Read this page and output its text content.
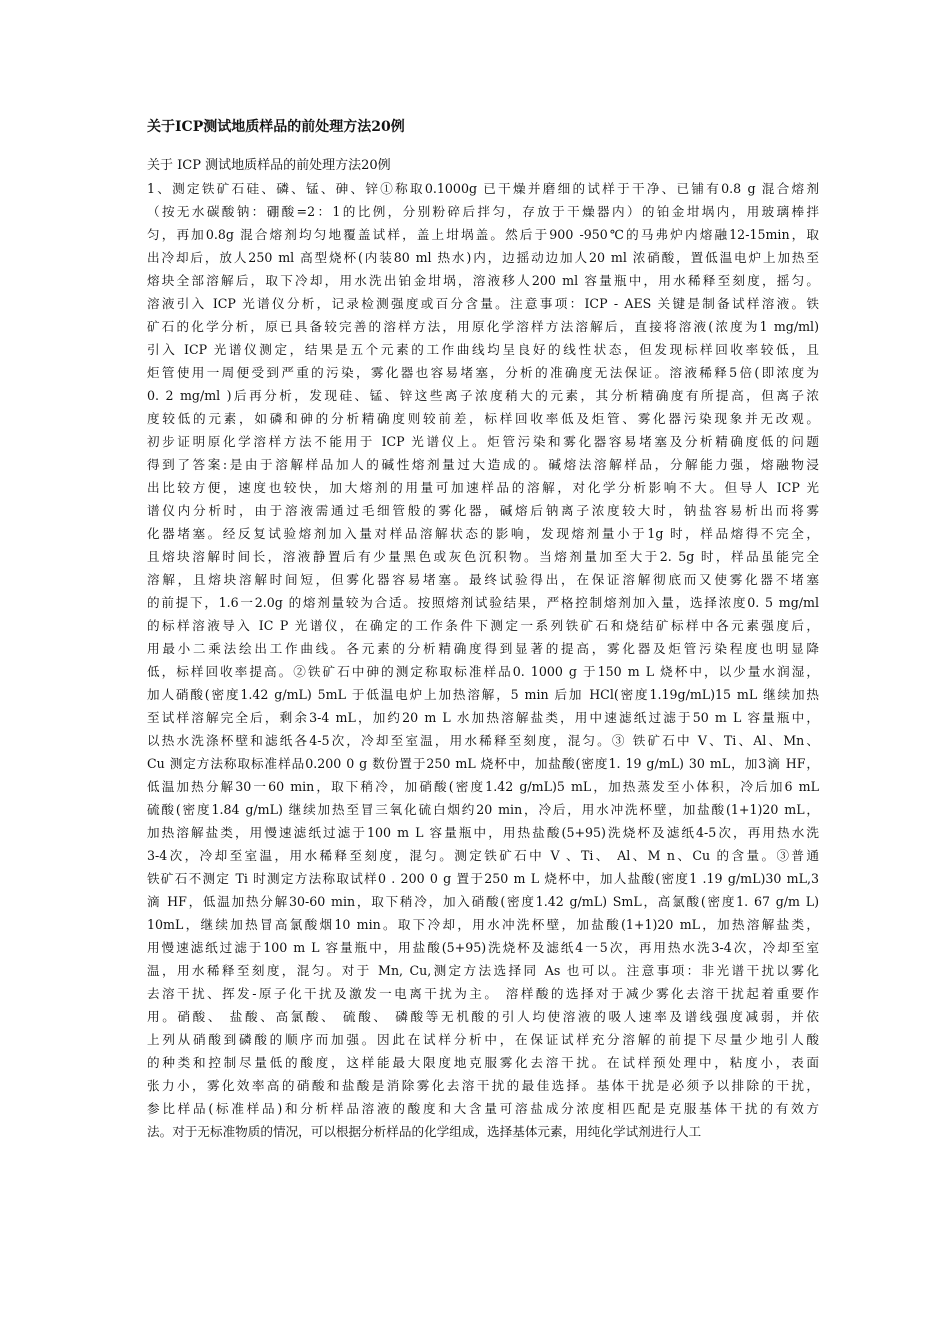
关于ICP测试地质样品的前处理方法20例

关于 ICP 测试地质样品的前处理方法20例

1、测定铁矿石硅、磷、锰、砷、锌①称取0.1000g 已干燥并磨细的试样于干净、已铺有0.8 g 混合熔剂
（按无水碳酸钠：硼酸=2：1的比例，分别粉碎后拌匀，存放于干燥器内）的铂金坩埚内，用玻璃棒拌
匀，再加0.8g 混合熔剂均匀地覆盖试样，盖上坩埚盖。然后于900 -950℃的马弗炉内熔融12-15min，取
出冷却后，放人250 ml 高型烧杯(内装80 ml 热水)内，边摇动边加人20 ml 浓硝酸，置低温电炉上加热至
熔块全部溶解后，取下冷却，用水洗出铂金坩埚，溶液移人200 ml 容量瓶中，用水稀释至刻度，摇匀。
溶液引入 ICP 光谱仪分析，记录检测强度或百分含量。注意事项：ICP - AES 关键是制备试样溶液。铁
矿石的化学分析，原已具备较完善的溶样方法，用原化学溶样方法溶解后，直接将溶液(浓度为1 mg/ml)
引入 ICP 光谱仪测定，结果是五个元素的工作曲线均呈良好的线性状态，但发现标样回收率较低，且
炬管使用一周便受到严重的污染，雾化器也容易堵塞，分析的准确度无法保证。溶液稀释5倍(即浓度为
0. 2 mg/ml )后再分析，发现硅、锰、锌这些离子浓度稍大的元素，其分析精确度有所提高，但离子浓
度较低的元素，如磷和砷的分析精确度则较前差，标样回收率低及炬管、雾化器污染现象并无改观。
初步证明原化学溶样方法不能用于 ICP 光谱仪上。炬管污染和雾化器容易堵塞及分析精确度低的问题
得到了答案:是由于溶解样品加人的碱性熔剂量过大造成的。碱熔法溶解样品，分解能力强，熔融物浸
出比较方便，速度也较快，加大熔剂的用量可加速样品的溶解，对化学分析影响不大。但导人 ICP 光
谱仪内分析时，由于溶液需通过毛细管般的雾化器，碱熔后钠离子浓度较大时，钠盐容易析出而将雾
化器堵塞。经反复试验熔剂加入量对样品溶解状态的影响，发现熔剂量小于1g 时，样品熔得不完全，
且熔块溶解时间长，溶液静置后有少量黑色或灰色沉积物。当熔剂量加至大于2. 5g 时，样品虽能完全
溶解，且熔块溶解时间短，但雾化器容易堵塞。最终试验得出，在保证溶解彻底而又使雾化器不堵塞
的前提下，1.6一2.0g 的熔剂量较为合适。按照熔剂试验结果，严格控制熔剂加入量，选择浓度0. 5 mg/ml
的标样溶液导入 IC P 光谱仪，在确定的工作条件下测定一系列铁矿石和烧结矿标样中各元素强度后，
用最小二乘法绘出工作曲线。各元素的分析精确度得到显著的提高，雾化器及炬管污染程度也明显降
低，标样回收率提高。②铁矿石中砷的测定称取标准样品0. 1000 g 于150 m L 烧杯中，以少量水润湿，
加人硝酸(密度1.42 g/mL) 5mL 于低温电炉上加热溶解，5 min 后加 HCl(密度1.19g/mL)15 mL 继续加热
至试样溶解完全后，剩余3-4 mL，加约20 m L 水加热溶解盐类，用中速滤纸过滤于50 m L 容量瓶中，
以热水洗涤杯壁和滤纸各4-5次，冷却至室温，用水稀释至刻度，混匀。③ 铁矿石中 V、Ti、Al、Mn、
Cu 测定方法称取标准样品0.200 0 g 数份置于250 mL 烧杯中，加盐酸(密度1. 19 g/mL) 30 mL，加3滴 HF，
低温加热分解30一60 min，取下稍冷，加硝酸(密度1.42 g/mL)5 mL，加热蒸发至小体积，冷后加6 mL
硫酸(密度1.84 g/mL) 继续加热至冒三氧化硫白烟约20 min，冷后，用水冲洗杯壁，加盐酸(1+1)20 mL，
加热溶解盐类，用慢速滤纸过滤于100 m L 容量瓶中，用热盐酸(5+95)洗烧杯及滤纸4-5次，再用热水洗
3-4次，冷却至室温，用水稀释至刻度，混匀。测定铁矿石中 V 、Ti、 Al、M n、Cu 的含量。③普通
铁矿石不测定 Ti 时测定方法称取试样0 . 200 0 g 置于250 m L 烧杯中，加人盐酸(密度1 .19 g/mL)30 mL,3
滴 HF，低温加热分解30-60 min，取下稍冷，加入硝酸(密度1.42 g/mL) SmL，高氯酸(密度1. 67 g/m L)
10mL，继续加热冒高氯酸烟10 min。取下冷却，用水冲洗杯壁，加盐酸(1+1)20 mL，加热溶解盐类，
用慢速滤纸过滤于100 m L 容量瓶中，用盐酸(5+95)洗烧杯及滤纸4一5次，再用热水洗3-4次，冷却至室
温，用水稀释至刻度，混匀。对于 Mn, Cu,测定方法选择同 As 也可以。注意事项：非光谱干扰以雾化
去溶干扰、挥发-原子化干扰及激发一电离干扰为主。 溶样酸的选择对于减少雾化去溶干扰起着重要作
用。硝酸、 盐酸、高氯酸、 硫酸、 磷酸等无机酸的引人均使溶液的吸人速率及谱线强度减弱，并依
上列从硝酸到磷酸的顺序而加强。因此在试样分析中，在保证试样充分溶解的前提下尽量少地引人酸
的种类和控制尽量低的酸度，这样能最大限度地克服雾化去溶干扰。在试样预处理中，粘度小，表面
张力小，雾化效率高的硝酸和盐酸是消除雾化去溶干扰的最佳选择。基体干扰是必须予以排除的干扰，
参比样品(标准样品)和分析样品溶液的酸度和大含量可溶盐成分浓度相匹配是克服基体干扰的有效方
法。对于无标准物质的情况，可以根据分析样品的化学组成，选择基体元素，用纯化学试剂进行人工
